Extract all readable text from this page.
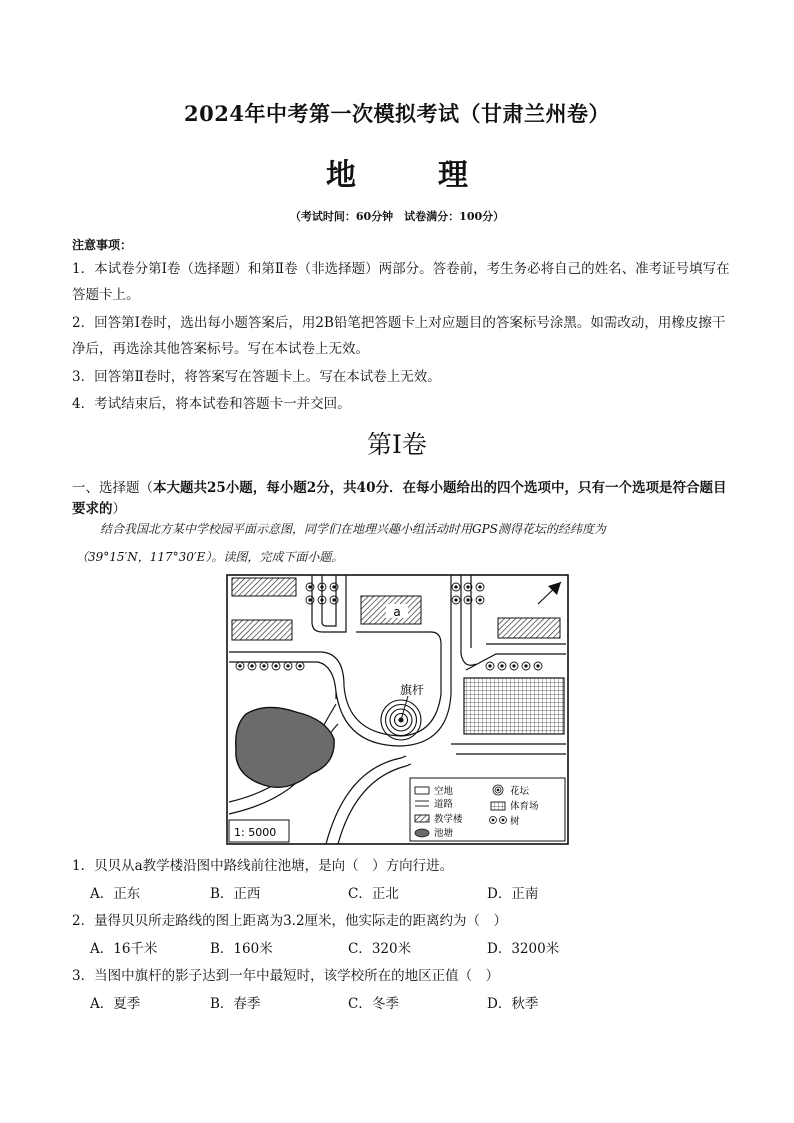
2024年中考第一次模拟考试（甘肃兰州卷）
地　理
（考试时间：60分钟　试卷满分：100分）
注意事项：
1．本试卷分第Ⅰ卷（选择题）和第Ⅱ卷（非选择题）两部分。答卷前，考生务必将自己的姓名、准考证号填写在答题卡上。
2．回答第Ⅰ卷时，选出每小题答案后，用2B铅笔把答题卡上对应题目的答案标号涂黑。如需改动，用橡皮擦干净后，再选涂其他答案标号。写在本试卷上无效。
3．回答第Ⅱ卷时，将答案写在答题卡上。写在本试卷上无效。
4．考试结束后，将本试卷和答题卡一并交回。
第Ⅰ卷
一、选择题（本大题共25小题，每小题2分，共40分．在每小题给出的四个选项中，只有一个选项是符合题目要求的）
结合我国北方某中学校园平面示意图，同学们在地理兴趣小组活动时用GPS测得花坛的经纬度为
（39°15′N，117°30′E）。读图，完成下面小题。
a
旗杆
空地
道路
教学楼
池塘
花坛
体育场
树
1: 5000
1．贝贝从a教学楼沿图中路线前往池塘，是向（　）方向行进。
A．正东	B．正西	C．正北	D．正南
2．量得贝贝所走路线的图上距离为3.2厘米，他实际走的距离约为（　）
A．16千米	B．160米	C．320米	D．3200米
3．当图中旗杆的影子达到一年中最短时，该学校所在的地区正值（　）
A．夏季	B．春季	C．冬季	D．秋季
